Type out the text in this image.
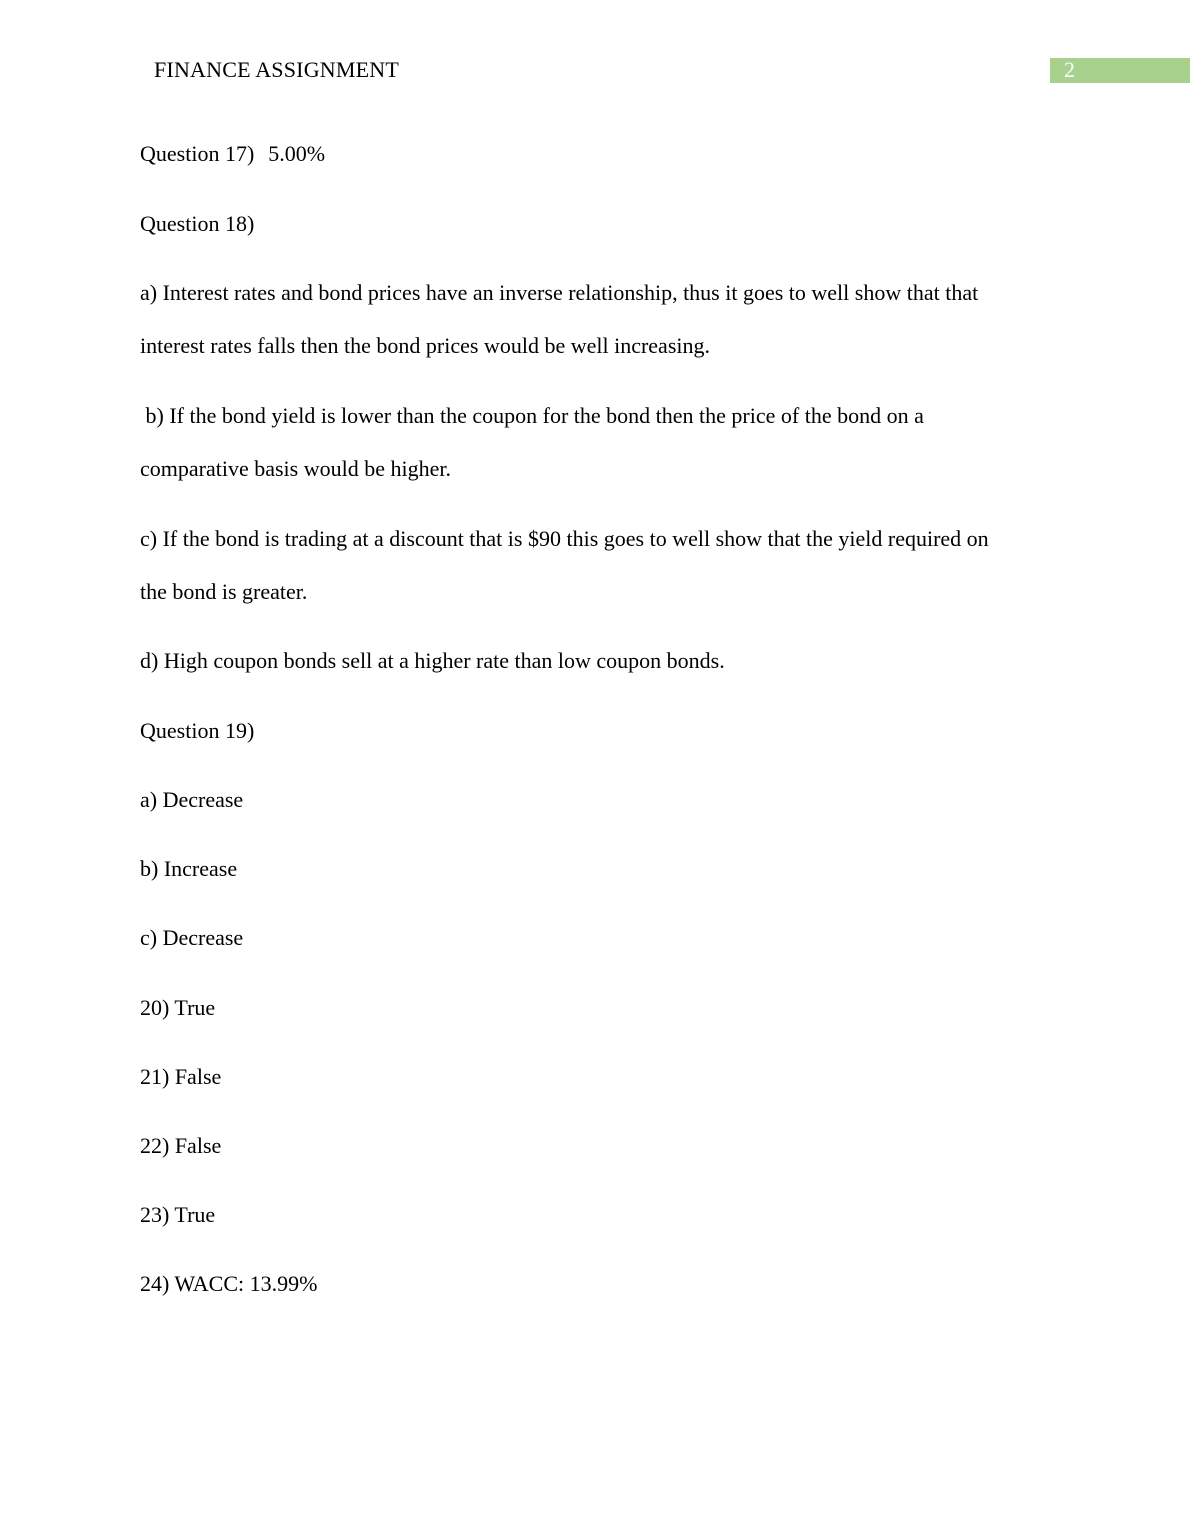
FINANCE ASSIGNMENT	2

Question 17) 5.00%

Question 18)

a) Interest rates and bond prices have an inverse relationship, thus it goes to well show that that

interest rates falls then the bond prices would be well increasing.

b) If the bond yield is lower than the coupon for the bond then the price of the bond on a

comparative basis would be higher.

c) If the bond is trading at a discount that is $90 this goes to well show that the yield required on

the bond is greater.

d) High coupon bonds sell at a higher rate than low coupon bonds.

Question 19)

a) Decrease

b) Increase

c) Decrease

20) True

21) False

22) False

23) True

24) WACC: 13.99%
